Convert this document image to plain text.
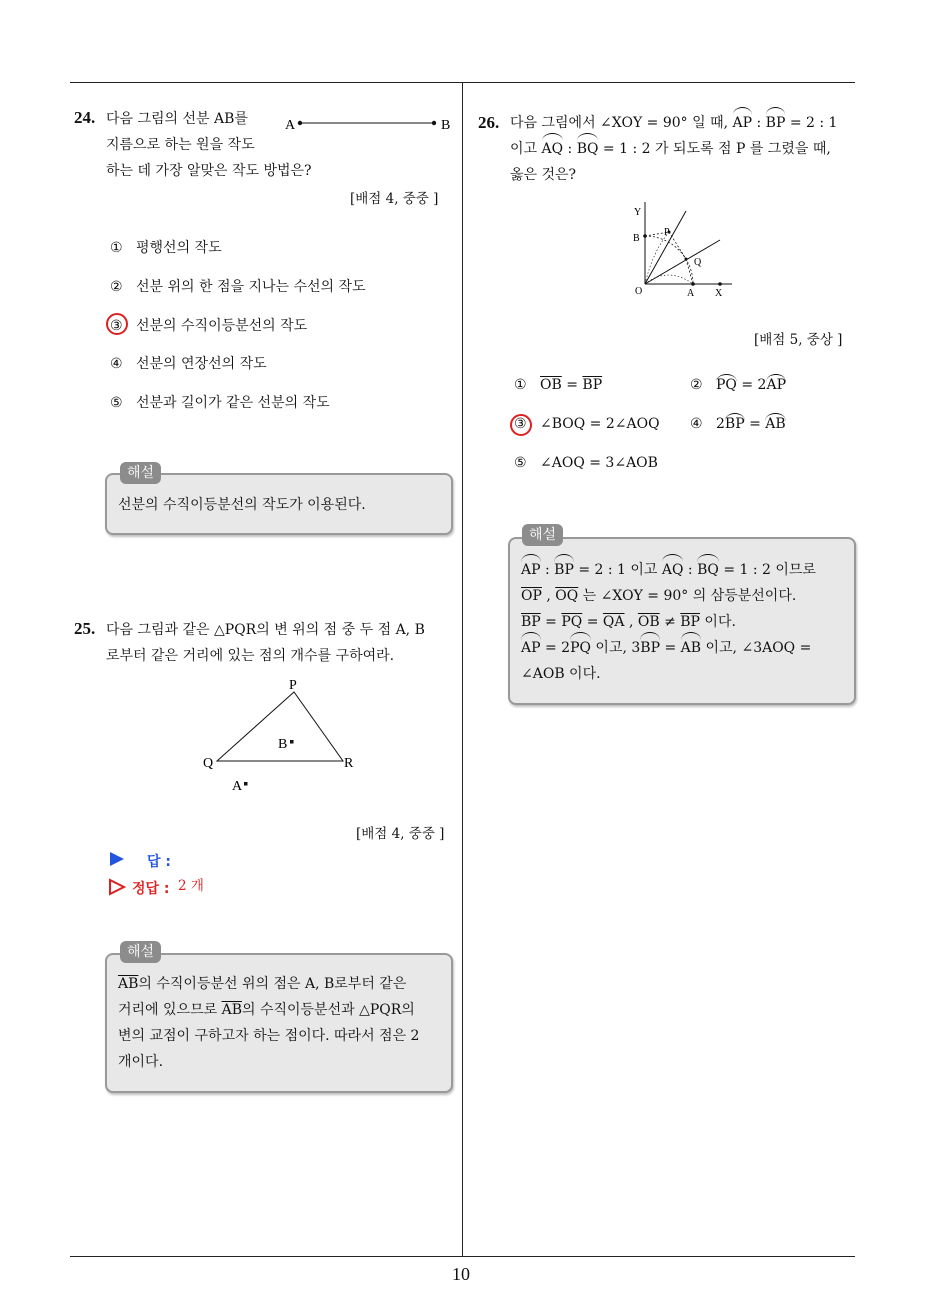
10
24. 다음 그림의 선분 AB를
지름으로 하는 원을 작도
하는 데 가장 알맞은 작도 방법은?
A	B
[배점 4, 중중 ]
① 평행선의 작도
② 선분 위의 한 점을 지나는 수선의 작도
③ 선분의 수직이등분선의 작도
④ 선분의 연장선의 작도
⑤ 선분과 길이가 같은 선분의 작도
해설
선분의 수직이등분선의 작도가 이용된다.
25. 다음 그림과 같은 △PQR의 변 위의 점 중 두 점 A, B
로부터 같은 거리에 있는 점의 개수를 구하여라.
P
Q	R
B
A
[배점 4, 중중 ]
답 :
정답 : 2 개
해설
$\overline{AB}$의 수직이등분선 위의 점은 A, B로부터 같은
거리에 있으므로 $\overline{AB}$의 수직이등분선과 △PQR의
변의 교점이 구하고자 하는 점이다. 따라서 점은 2
개이다.
26. 다음 그림에서 ∠XOY = 90° 일 때, AP : BP = 2 : 1
이고 AQ : BQ = 1 : 2 가 되도록 점 P 를 그렸을 때,
옳은 것은?
Y
B
P
Q
O	A X
[배점 5, 중상 ]
① $\overline{OB} = \overline{BP}$	② PQ = 2AP
③ ∠BOQ = 2∠AOQ ④ 2BP = AB
⑤ ∠AOQ = 3∠AOB
해설
AP : BP = 2 : 1 이고 AQ : BQ = 1 : 2 이므로
$\overline{OP}$ , $\overline{OQ}$ 는 ∠XOY = 90° 의 삼등분선이다.
$\overline{BP} = \overline{PQ} = \overline{QA}$ , $\overline{OB} \ne \overline{BP}$ 이다.
AP = 2PQ 이고, 3BP = AB 이고, ∠3AOQ =
∠AOB 이다.
